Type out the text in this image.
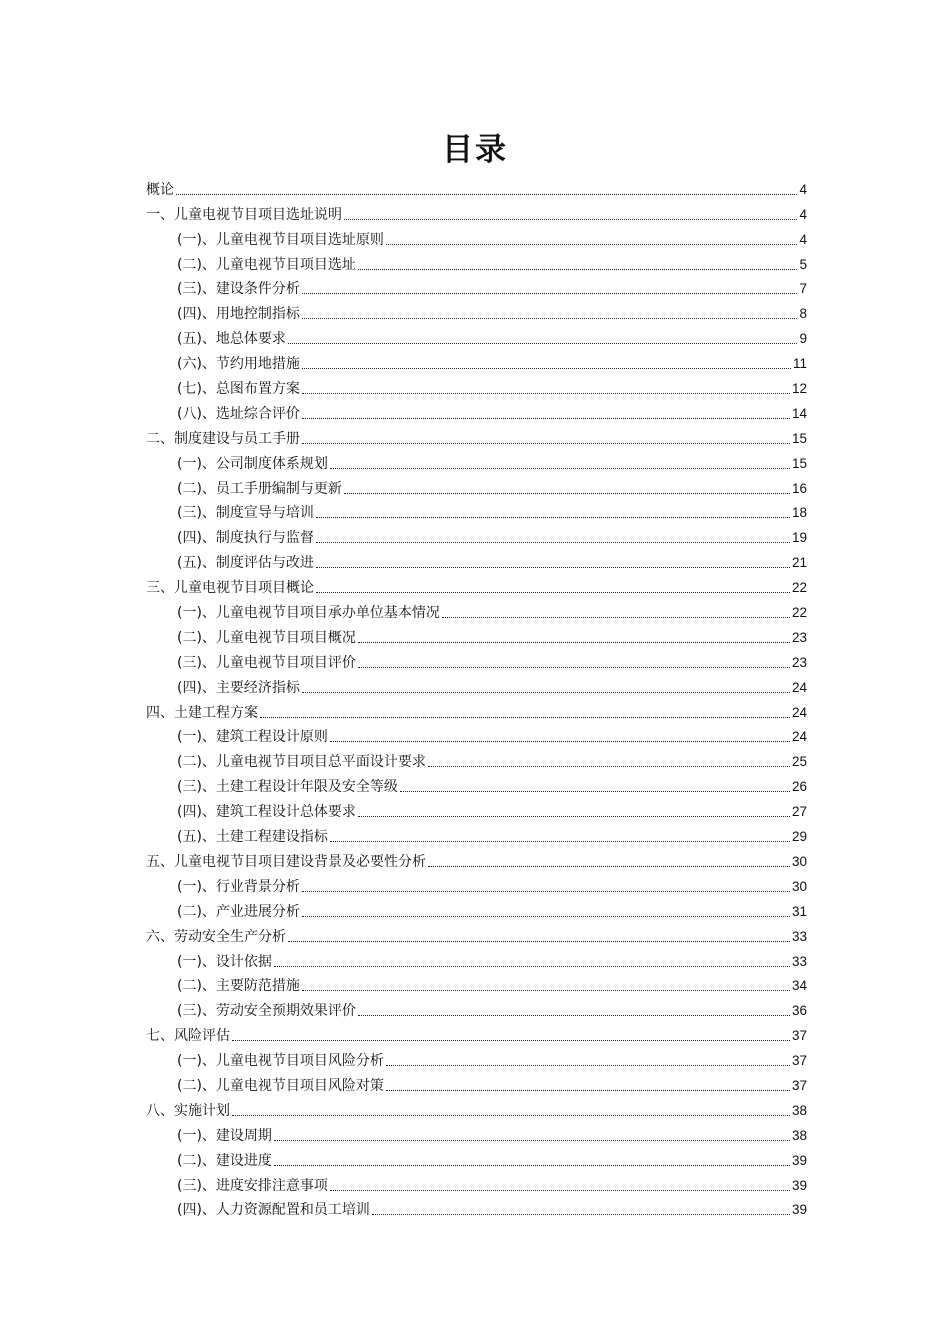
目录
概论	4
一、儿童电视节目项目选址说明	4
(一)、儿童电视节目项目选址原则	4
(二)、儿童电视节目项目选址	5
(三)、建设条件分析	7
(四)、用地控制指标	8
(五)、地总体要求	9
(六)、节约用地措施	11
(七)、总图布置方案	12
(八)、选址综合评价	14
二、制度建设与员工手册	15
(一)、公司制度体系规划	15
(二)、员工手册编制与更新	16
(三)、制度宣导与培训	18
(四)、制度执行与监督	19
(五)、制度评估与改进	21
三、儿童电视节目项目概论	22
(一)、儿童电视节目项目承办单位基本情况	22
(二)、儿童电视节目项目概况	23
(三)、儿童电视节目项目评价	23
(四)、主要经济指标	24
四、土建工程方案	24
(一)、建筑工程设计原则	24
(二)、儿童电视节目项目总平面设计要求	25
(三)、土建工程设计年限及安全等级	26
(四)、建筑工程设计总体要求	27
(五)、土建工程建设指标	29
五、儿童电视节目项目建设背景及必要性分析	30
(一)、行业背景分析	30
(二)、产业进展分析	31
六、劳动安全生产分析	33
(一)、设计依据	33
(二)、主要防范措施	34
(三)、劳动安全预期效果评价	36
七、风险评估	37
(一)、儿童电视节目项目风险分析	37
(二)、儿童电视节目项目风险对策	37
八、实施计划	38
(一)、建设周期	38
(二)、建设进度	39
(三)、进度安排注意事项	39
(四)、人力资源配置和员工培训	39
